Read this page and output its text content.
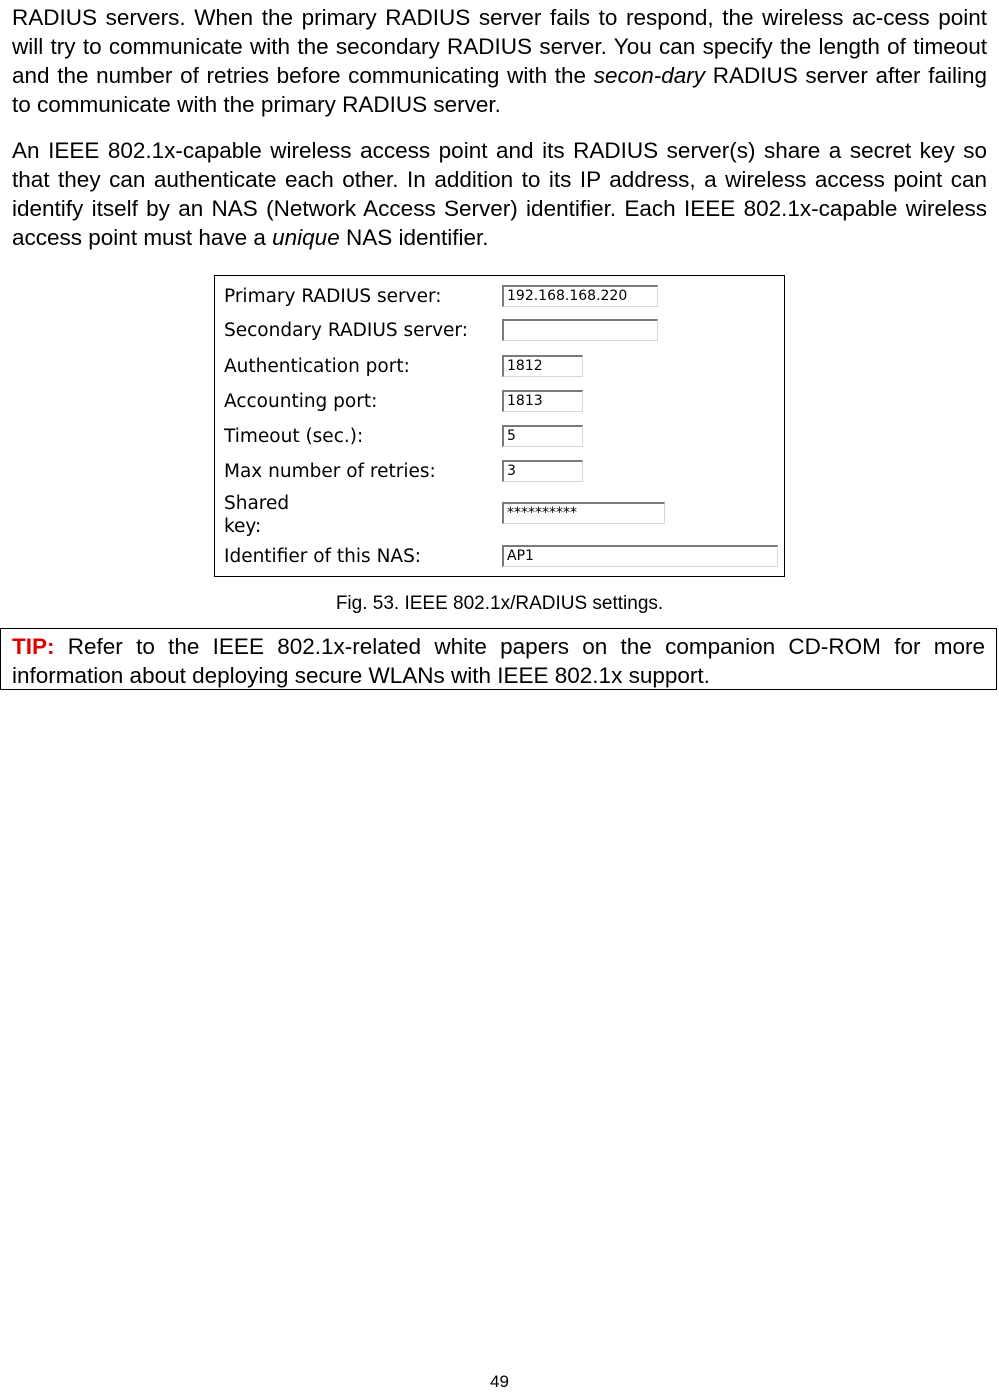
RADIUS servers. When the primary RADIUS server fails to respond, the wireless ac-cess point will try to communicate with the secondary RADIUS server. You can specify the length of timeout and the number of retries before communicating with the secon-dary RADIUS server after failing to communicate with the primary RADIUS server.
An IEEE 802.1x-capable wireless access point and its RADIUS server(s) share a secret key so that they can authenticate each other. In addition to its IP address, a wireless access point can identify itself by an NAS (Network Access Server) identifier. Each IEEE 802.1x-capable wireless access point must have a unique NAS identifier.
Primary RADIUS server:	192.168.168.220
Secondary RADIUS server:
Authentication port:	1812
Accounting port:	1813
Timeout (sec.):	5
Max number of retries:	3
Shared
key:
**********
Identifier of this NAS:	AP1
Fig. 53. IEEE 802.1x/RADIUS settings.
TIP: Refer to the IEEE 802.1x-related white papers on the companion CD-ROM for more information about deploying secure WLANs with IEEE 802.1x support.
49
